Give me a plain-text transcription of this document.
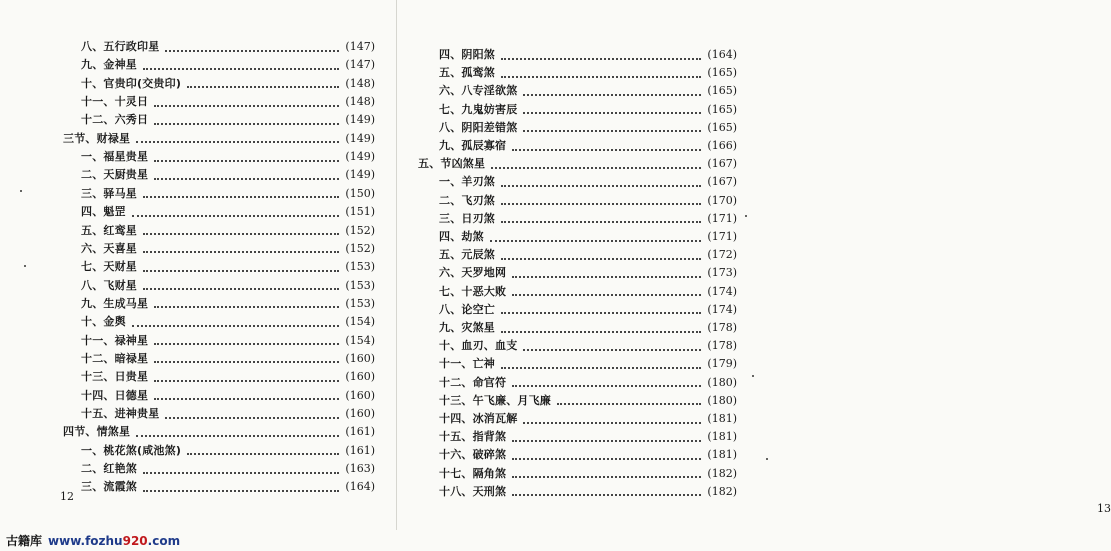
八、五行政印星	(147)
九、金神星	(147)
十、官贵印(交贵印)	(148)
十一、十灵日	(148)
十二、六秀日	(149)
三节、财禄星	(149)
一、福星贵星	(149)
二、天厨贵星	(149)
三、驿马星	(150)
四、魁罡	(151)
五、红鸾星	(152)
六、天喜星	(152)
七、天财星	(153)
八、飞财星	(153)
九、生成马星	(153)
十、金舆	(154)
十一、禄神星	(154)
十二、暗禄星	(160)
十三、日贵星	(160)
十四、日德星	(160)
十五、进神贵星	(160)
四节、情煞星	(161)
一、桃花煞(咸池煞)	(161)
二、红艳煞	(163)
三、流霞煞	(164)
12
四、阴阳煞	(164)
五、孤鸾煞	(165)
六、八专淫欲煞	(165)
七、九鬼妨害辰	(165)
八、阴阳差错煞	(165)
九、孤辰寡宿	(166)
五、节凶煞星	(167)
一、羊刃煞	(167)
二、飞刃煞	(170)
三、日刃煞	(171)
四、劫煞	(171)
五、元辰煞	(172)
六、天罗地网	(173)
七、十恶大败	(174)
八、论空亡	(174)
九、灾煞星	(178)
十、血刃、血支	(178)
十一、亡神	(179)
十二、命官符	(180)
十三、午飞廉、月飞廉	(180)
十四、冰消瓦解	(181)
十五、指背煞	(181)
十六、破碎煞	(181)
十七、隔角煞	(182)
十八、天刑煞	(182)
13
古籍库 www.fozhu 920 .com
